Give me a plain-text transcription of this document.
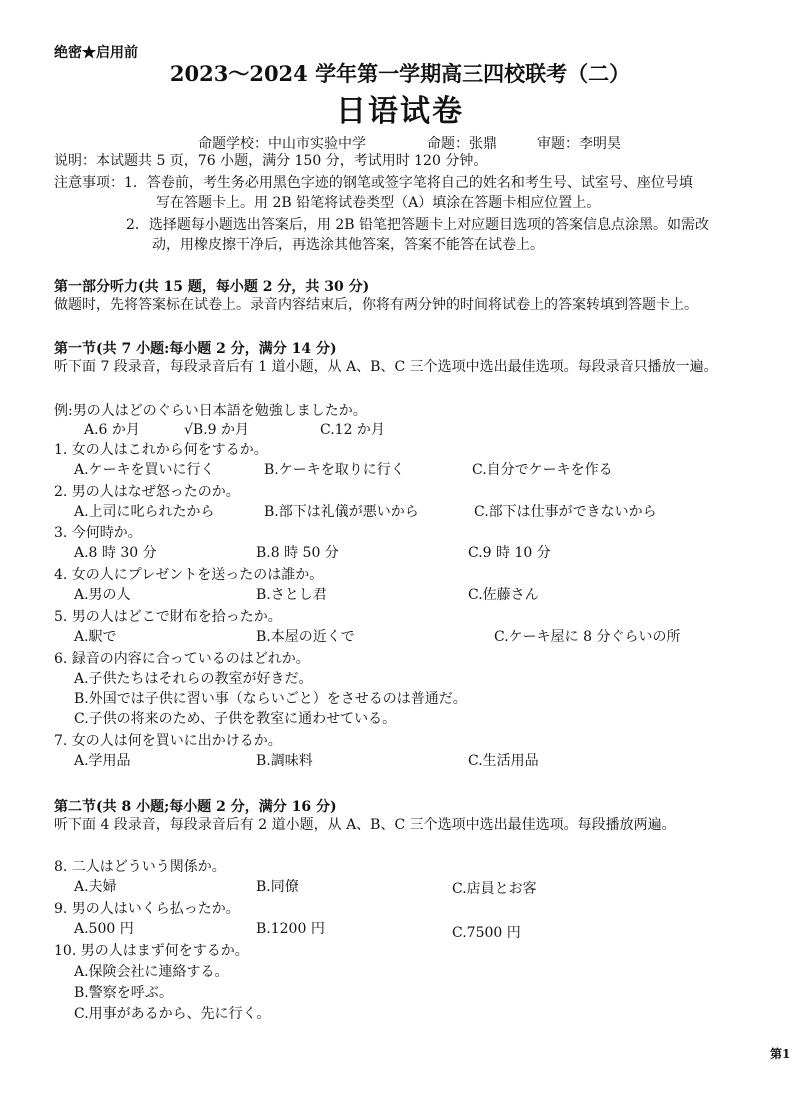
绝密★启用前
2023～2024 学年第一学期高三四校联考（二）
日语试卷
命题学校：中山市实验中学	命题：张鼎	审题：李明昊
说明：本试题共 5 页，76 小题，满分 150 分，考试用时 120 分钟。
注意事项：1．答卷前，考生务必用黑色字迹的钢笔或签字笔将自己的姓名和考生号、试室号、座位号填
写在答题卡上。用 2B 铅笔将试卷类型（A）填涂在答题卡相应位置上。
2．选择题每小题选出答案后，用 2B 铅笔把答题卡上对应题目选项的答案信息点涂黑。如需改
动，用橡皮擦干净后，再选涂其他答案，答案不能答在试卷上。
第一部分听力(共 15 题，每小题 2 分，共 30 分)
做题时，先将答案标在试卷上。录音内容结束后，你将有两分钟的时间将试卷上的答案转填到答题卡上。
第一节(共 7 小题:每小题 2 分，满分 14 分)
听下面 7 段录音，每段录音后有 1 道小题，从 A、B、C 三个选项中选出最佳选项。每段录音只播放一遍。
例:男の人はどのぐらい日本語を勉強しましたか。
A.6 か月	√B.9 か月	C.12 か月
1. 女の人はこれから何をするか。
A.ケーキを買いに行く	B.ケーキを取りに行く	C.自分でケーキを作る
2. 男の人はなぜ怒ったのか。
A.上司に叱られたから	B.部下は礼儀が悪いから	C.部下は仕事ができないから
3. 今何時か。
A.8 時 30 分	B.8 時 50 分	C.9 時 10 分
4. 女の人にプレゼントを送ったのは誰か。
A.男の人	B.さとし君	C.佐藤さん
5. 男の人はどこで財布を拾ったか。
A.駅で	B.本屋の近くで	C.ケーキ屋に 8 分ぐらいの所
6. 録音の内容に合っているのはどれか。
A.子供たちはそれらの教室が好きだ。
B.外国では子供に習い事（ならいごと）をさせるのは普通だ。
C.子供の将来のため、子供を教室に通わせている。
7. 女の人は何を買いに出かけるか。
A.学用品	B.調味料	C.生活用品
第二节(共 8 小题;每小题 2 分，满分 16 分)
听下面 4 段录音，每段录音后有 2 道小题，从 A、B、C 三个选项中选出最佳选项。每段播放两遍。
8. 二人はどういう関係か。
A.夫婦	B.同僚	C.店員とお客
9. 男の人はいくら払ったか。
A.500 円	B.1200 円	C.7500 円
10. 男の人はまず何をするか。
A.保険会社に連絡する。
B.警察を呼ぶ。
C.用事があるから、先に行く。
第1
